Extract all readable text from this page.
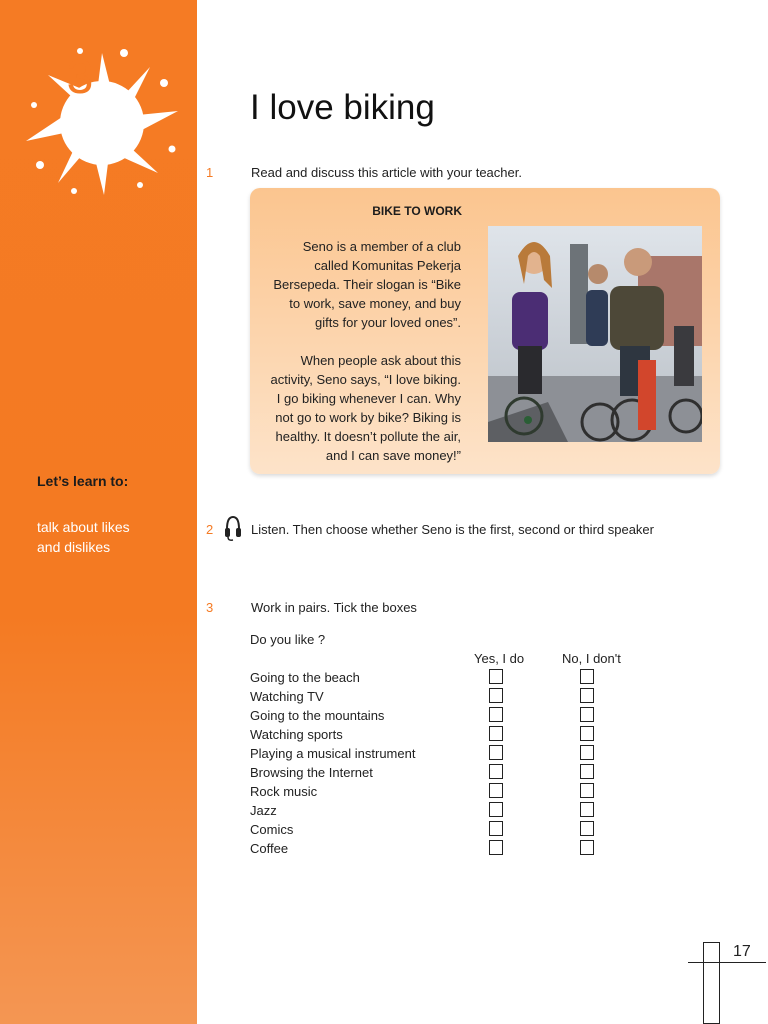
3
Let’s learn to:
talk about likes
and dislikes
I love biking
1	Read and discuss this article with your teacher.
BIKE TO WORK
Seno is a member of a club
called Komunitas Pekerja
Bersepeda. Their slogan is “Bike
to work, save money, and buy
gifts for your loved ones”.
When people ask about this
activity, Seno says, “I love biking.
I go biking whenever I can. Why
not go to work by bike? Biking is
healthy. It doesn’t pollute the air,
and I can save money!”
2	Listen. Then choose whether Seno is the first, second or third speaker
3	Work in pairs. Tick the boxes
Do you like ?
Yes, I do	No, I don't
Going to the beach
Watching TV
Going to the mountains
Watching sports
Playing a musical instrument
Browsing the Internet
Rock music
Jazz
Comics
Coffee
17
